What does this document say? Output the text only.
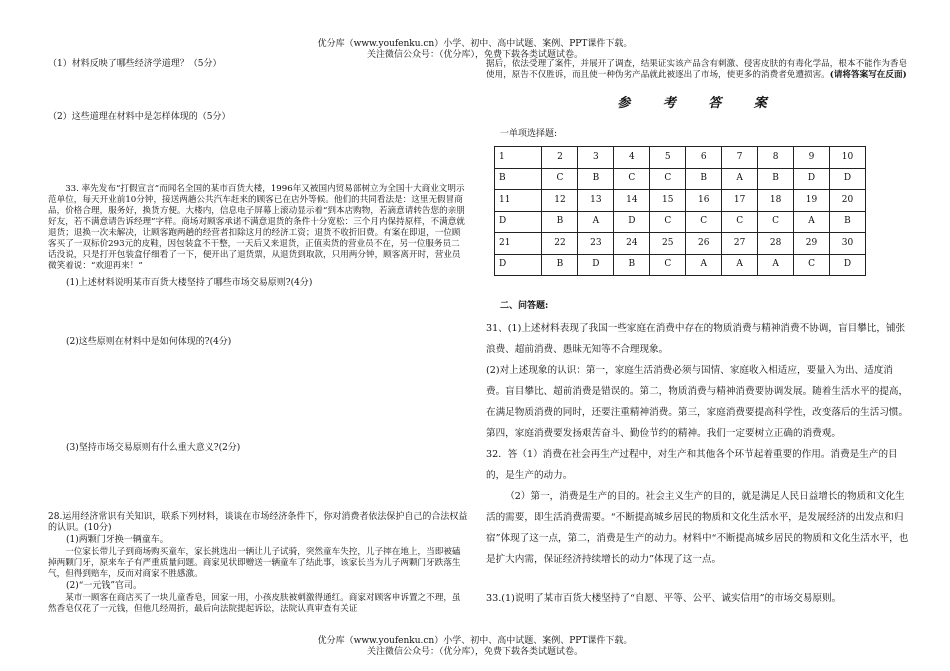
优分库（www.youfenku.cn）小学、初中、高中试题、案例、PPT课件下载。
关注微信公众号：（优分库），免费下载各类试题试卷。

（1）材料反映了哪些经济学道理？（5分）

（2）这些道理在材料中是怎样体现的（5分）

33. 率先发布“打假宣言”而闻名全国的某市百货大楼，1996年又被国内贸易部树立为全国十大商业文明示范单位，每天开业前10分钟，接送两趟公共汽车赶来的顾客已在店外等候。他们的共同看法是：这里无假冒商品，价格合理，服务好，换货方便。大楼内，信息电子屏幕上滚动显示着“到本店购物，若滴意请转告您的亲朋好友，若不满意请告诉经理”字样。商场对顾客承诺不满意退货的条件十分宽松：三个月内保持原样，不满意就退货；退换一次未解决，让顾客跑两趟的经营者扣除这月的经济工资；退货不收折旧费。有案在即退，一位顾客买了一双标价293元的皮鞋，因包装盒不干整，一天后又来退货，正值卖货的营业员不在，另一位服务员二话没说，只是打开包装盒仔细看了一下，便开出了退货票，从退货到取款，只用两分钟，顾客离开时，营业员微笑着说：“欢迎再来！”

(1)上述材料说明某市百货大楼坚持了哪些市场交易原则?(4分)

(2)这些原则在材料中是如何体现的?(4分)

(3)坚持市场交易原则有什么重大意义?(2分)

28.运用经济常识有关知识，联系下列材料，谈谈在市场经济条件下，你对消费者依法保护自己的合法权益的认识。(10分)

(1)两颗门牙换一辆童车。

一位家长带儿子到商场购买童车，家长挑选出一辆让儿子试骑，突然童车失控，儿子摔在地上，当即被磕掉两颗门牙，原来车子有严重质量问题。商家见状即赠送一辆童车了结此事，该家长当为儿子两颗门牙跌落生气，但得到赔车，反而对商家不胜感激。

(2)“一元钱”官司。

某市一顾客在商店买了一块儿童香皂，回家一用，小孩皮肤被刺激得通红。商家对顾客申诉置之不理，虽然香皂仅花了一元钱，但他几经周折，最后向法院提起诉讼，法院认真审查有关证

据后，依法受理了案件，并展开了调查，结果证实该产品含有刺激、侵害皮肤的有毒化学品，根本不能作为香皂使用，原告不仅胜诉，而且使一种伪劣产品就此被逐出了市场，使更多的消费者免遭损害。(请将答案写在反面)

参 考 答 案

一单项选择题:

1	2	3	4	5	6	7	8	9	10
B	C	B	C	C	B	A	B	D	D
11	12	13	14	15	16	17	18	19	20
D	B	A	D	C	C	C	C	A	B
21	22	23	24	25	26	27	28	29	30
D	B	D	B	C	A	A	A	C	D

二、问答题:

31、(1)上述材料表现了我国一些家庭在消费中存在的物质消费与精神消费不协调，盲目攀比，铺张浪费、超前消费、愚昧无知等不合理现象。

(2)对上述现象的认识：第一，家庭生活消费必须与国情、家庭收入相适应，要量入为出、适度消费。盲目攀比、超前消费是错误的。第二，物质消费与精神消费要协调发展。随着生活水平的提高，在满足物质消费的同时，还要注重精神消费。第三，家庭消费要提高科学性，改变落后的生活习惯。第四，家庭消费要发扬艰苦奋斗、勤俭节约的精神。我们一定要树立正确的消费观。

32．答（1）消费在社会再生产过程中，对生产和其他各个环节起着重要的作用。消费是生产的目的，是生产的动力。

（2）第一，消费是生产的目的。社会主义生产的目的，就是满足人民日益增长的物质和文化生活的需要，即生活消费需要。“不断提高城乡居民的物质和文化生活水平，是发展经济的出发点和归宿”体现了这一点，第二，消费是生产的动力。材料中“不断提高城乡居民的物质和文化生活水平，也是扩大内需，保证经济持续增长的动力”体现了这一点。

33.(1)说明了某市百货大楼坚持了“自愿、平等、公平、诚实信用”的市场交易原则。

优分库（www.youfenku.cn）小学、初中、高中试题、案例、PPT课件下载。
关注微信公众号：（优分库），免费下载各类试题试卷。
